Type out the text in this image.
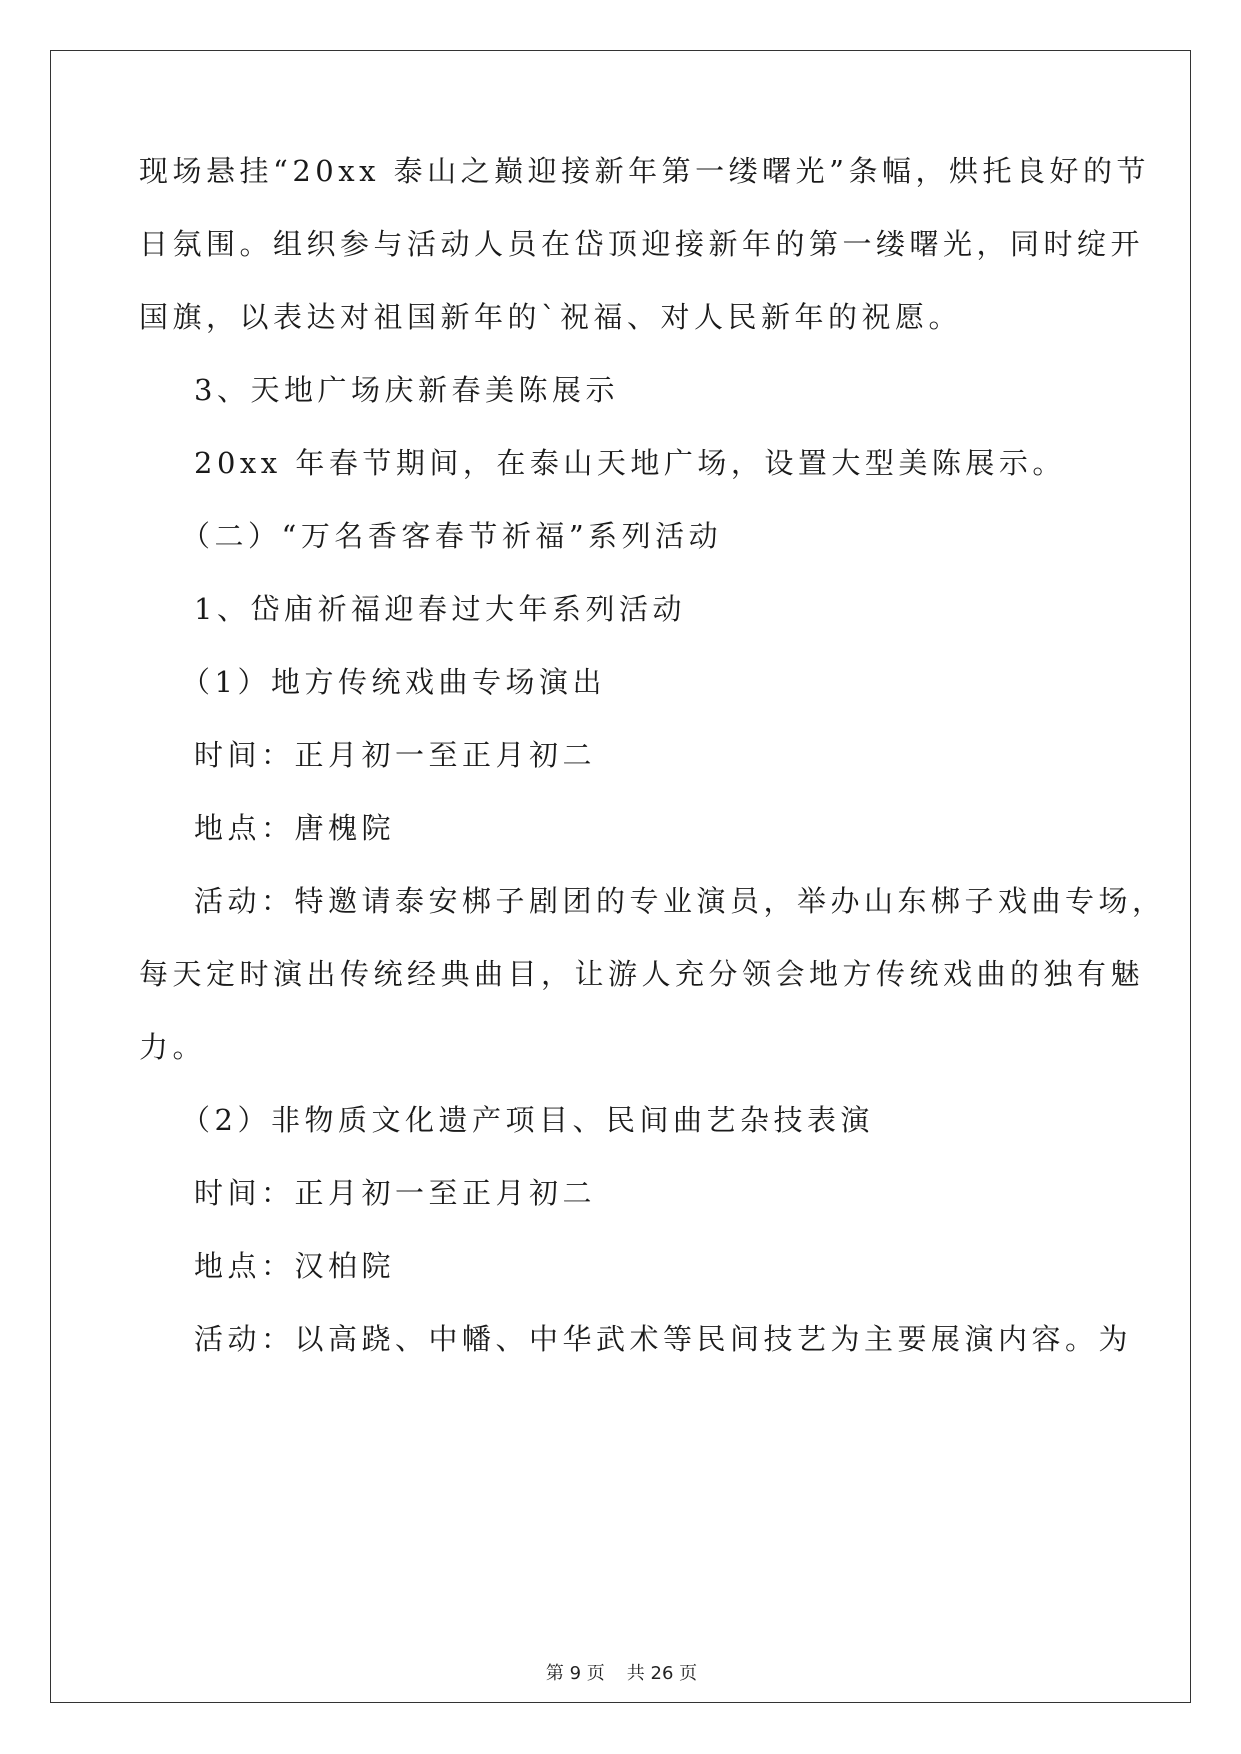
现场悬挂“20xx 泰山之巅迎接新年第一缕曙光”条幅，烘托良好的节
日氛围。组织参与活动人员在岱顶迎接新年的第一缕曙光，同时绽开
国旗，以表达对祖国新年的`祝福、对人民新年的祝愿。
3、天地广场庆新春美陈展示
20xx 年春节期间，在泰山天地广场，设置大型美陈展示。
（二）“万名香客春节祈福”系列活动
1、岱庙祈福迎春过大年系列活动
（1）地方传统戏曲专场演出
时间：正月初一至正月初二
地点：唐槐院
活动：特邀请泰安梆子剧团的专业演员，举办山东梆子戏曲专场，
每天定时演出传统经典曲目，让游人充分领会地方传统戏曲的独有魅
力。
（2）非物质文化遗产项目、民间曲艺杂技表演
时间：正月初一至正月初二
地点：汉柏院
活动：以高跷、中幡、中华武术等民间技艺为主要展演内容。为
第 9 页 共 26 页
